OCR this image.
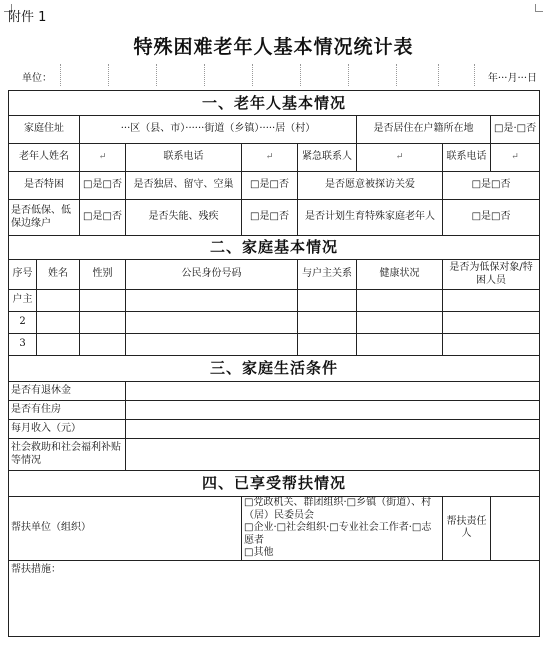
附件 1
特殊困难老年人基本情况统计表
单位：	年···月···日
一、老年人基本情况								
家庭住址		···区（县、市）······街道（乡镇）·····居（村）				是否居住在户籍所在地		□是·□否
老年人姓名		↵	联系电话	↵	紧急联系人	↵	联系电话	↵
是否特困		□是□否	是否独居、留守、空巢	□是□否	是否愿意被探访关爱		□是□否	
是否低保、低保边缘户		□是□否	是否失能、残疾	□是□否	是否计划生育特殊家庭老年人		□是□否	
二、家庭基本情况								
序号	姓名	性别	公民身份号码		与户主关系	健康状况	是否为低保对象/特困人员	
户主								
2								
3								
三、家庭生活条件								
是否有退休金								
是否有住房								
每月收入（元）								
社会救助和社会福利补贴等情况								
四、已享受帮扶情况								
帮扶单位（组织）				□党政机关、群团组织·□乡镇（街道）、村（居）民委员会
□企业·□社会组织·□专业社会工作者·□志愿者
□其他			帮扶责任人	
帮扶措施：								
